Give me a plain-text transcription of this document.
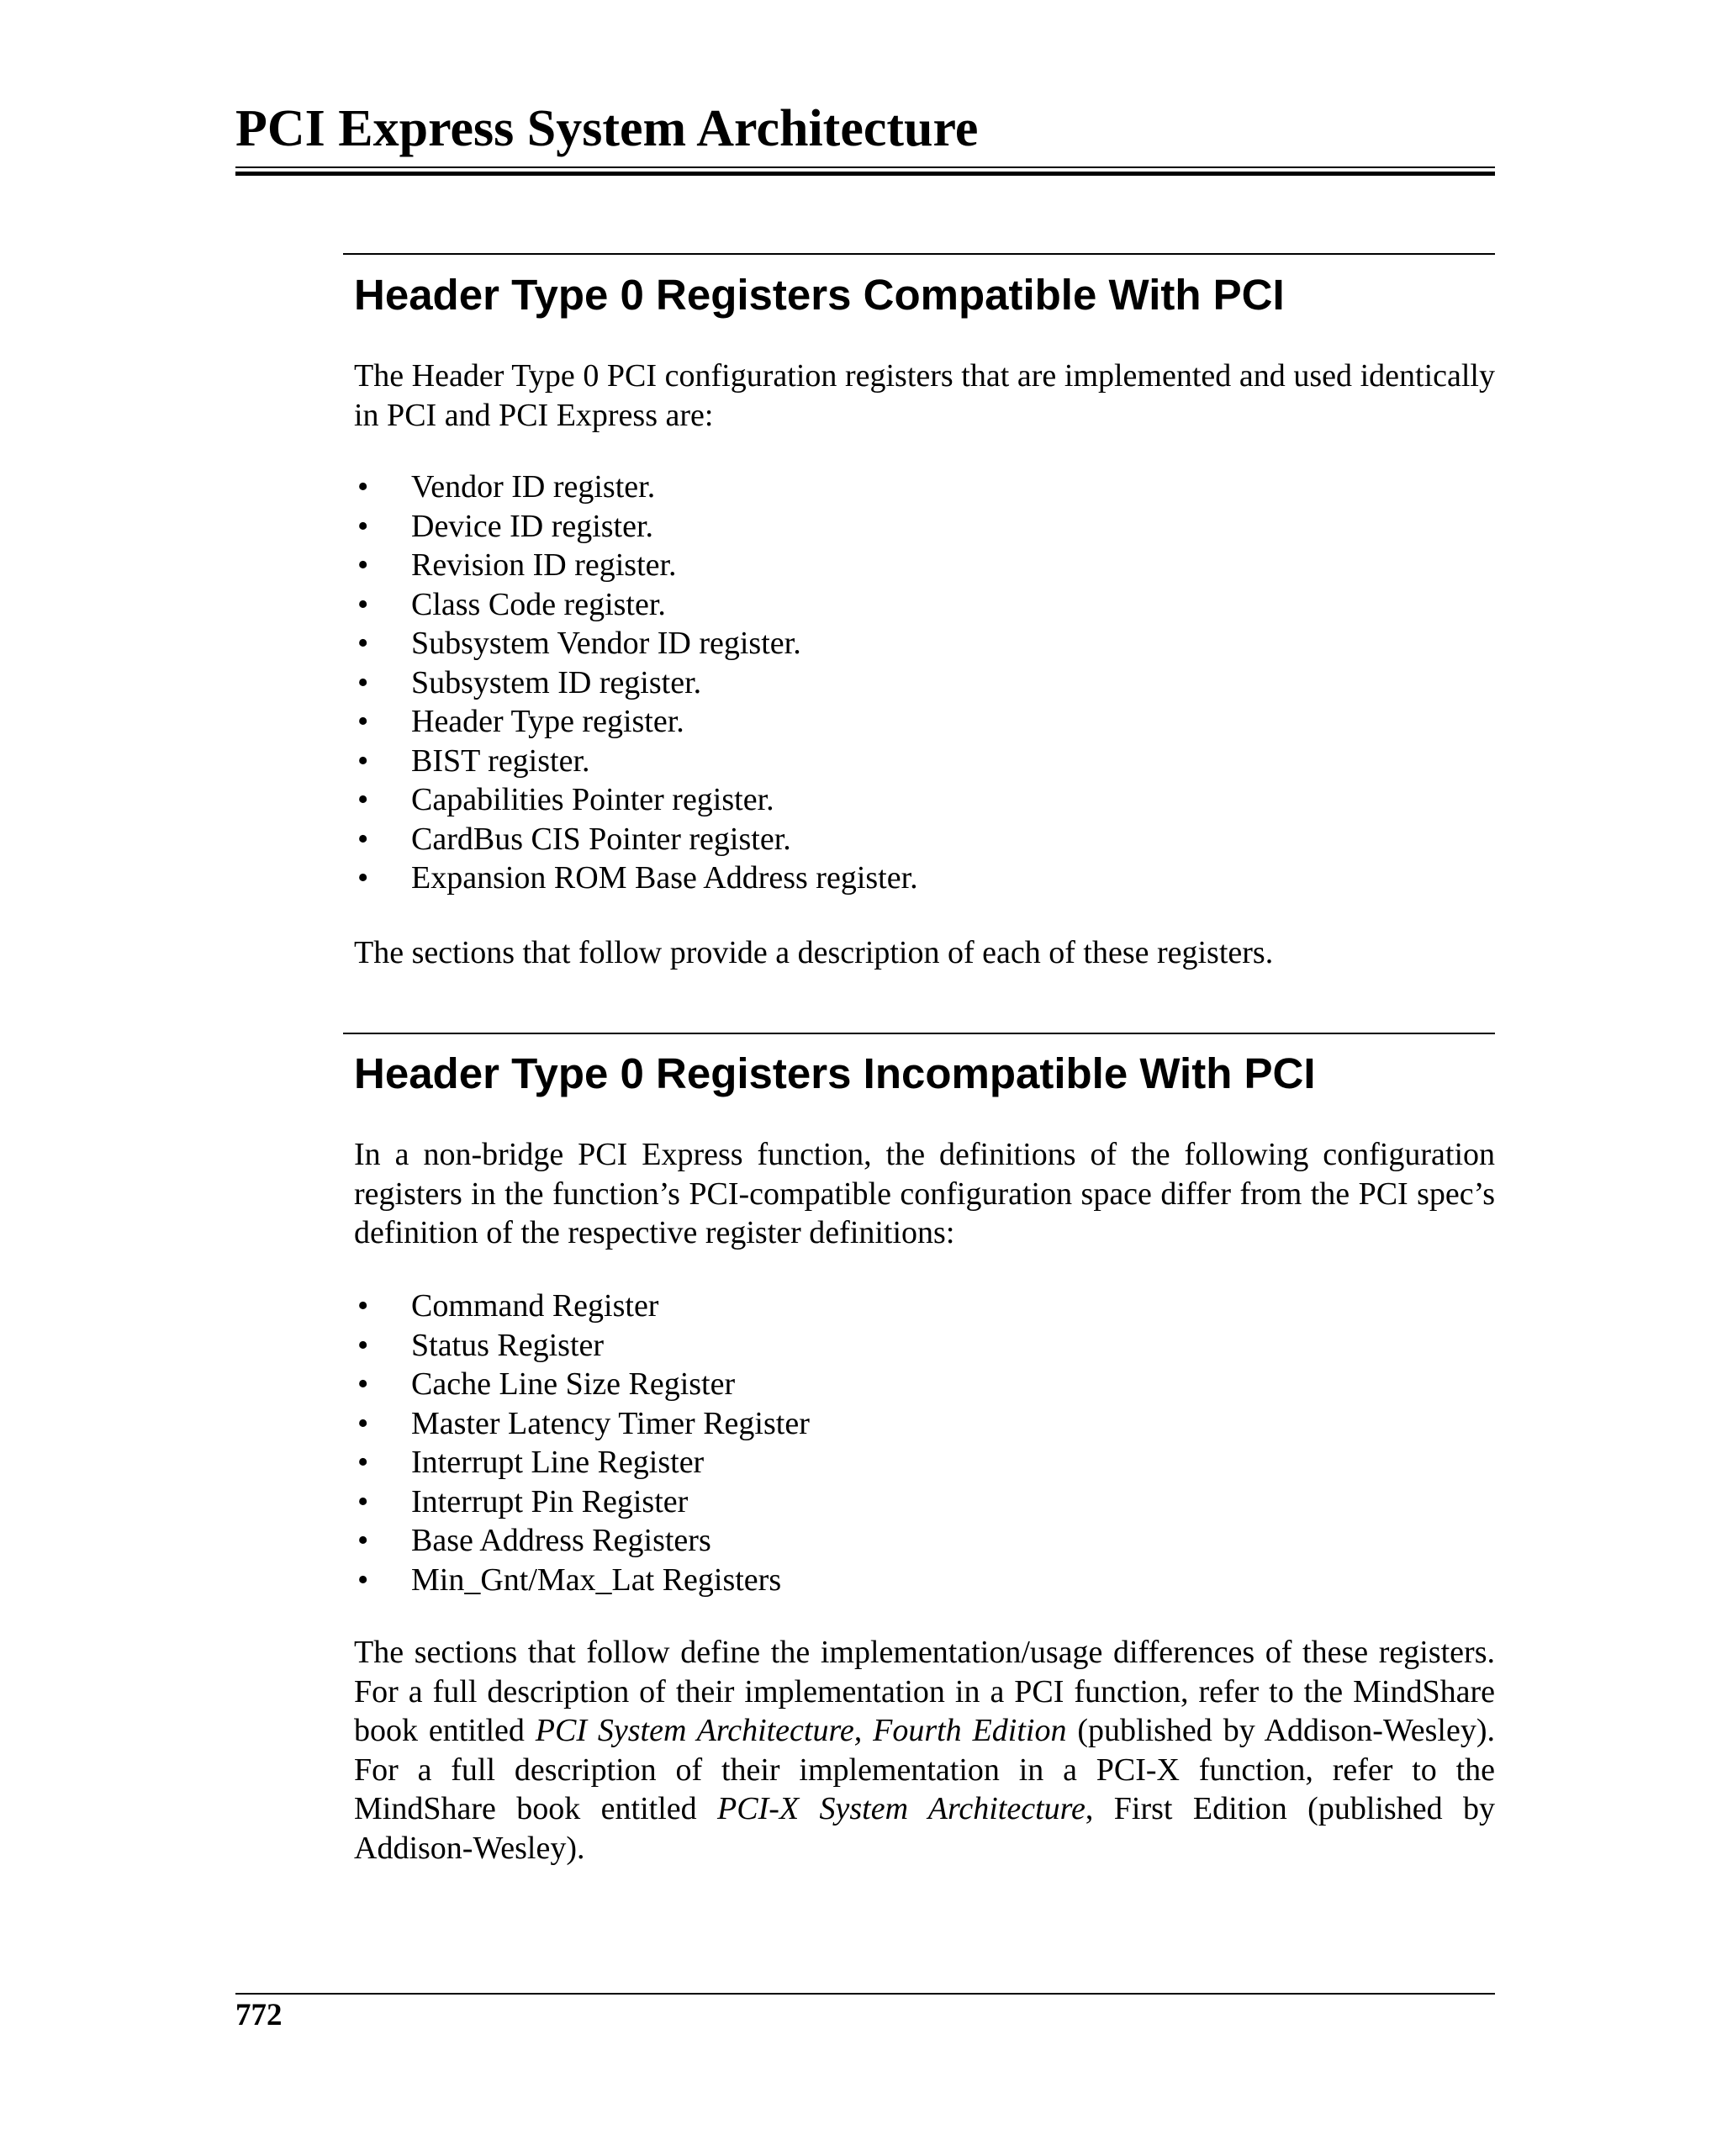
PCI Express System Architecture
Header Type 0 Registers Compatible With PCI

The Header Type 0 PCI configuration registers that are implemented and used identically in PCI and PCI Express are:

• Vendor ID register.
• Device ID register.
• Revision ID register.
• Class Code register.
• Subsystem Vendor ID register.
• Subsystem ID register.
• Header Type register.
• BIST register.
• Capabilities Pointer register.
• CardBus CIS Pointer register.
• Expansion ROM Base Address register.

The sections that follow provide a description of each of these registers.

Header Type 0 Registers Incompatible With PCI

In a non-bridge PCI Express function, the definitions of the following configuration registers in the function’s PCI-compatible configuration space differ from the PCI spec’s definition of the respective register definitions:

• Command Register
• Status Register
• Cache Line Size Register
• Master Latency Timer Register
• Interrupt Line Register
• Interrupt Pin Register
• Base Address Registers
• Min_Gnt/Max_Lat Registers

The sections that follow define the implementation/usage differences of these registers. For a full description of their implementation in a PCI function, refer to the MindShare book entitled PCI System Architecture, Fourth Edition (published by Addison-Wesley). For a full description of their implementation in a PCI-X function, refer to the MindShare book entitled PCI-X System Architecture, First Edition (published by Addison-Wesley).

772
